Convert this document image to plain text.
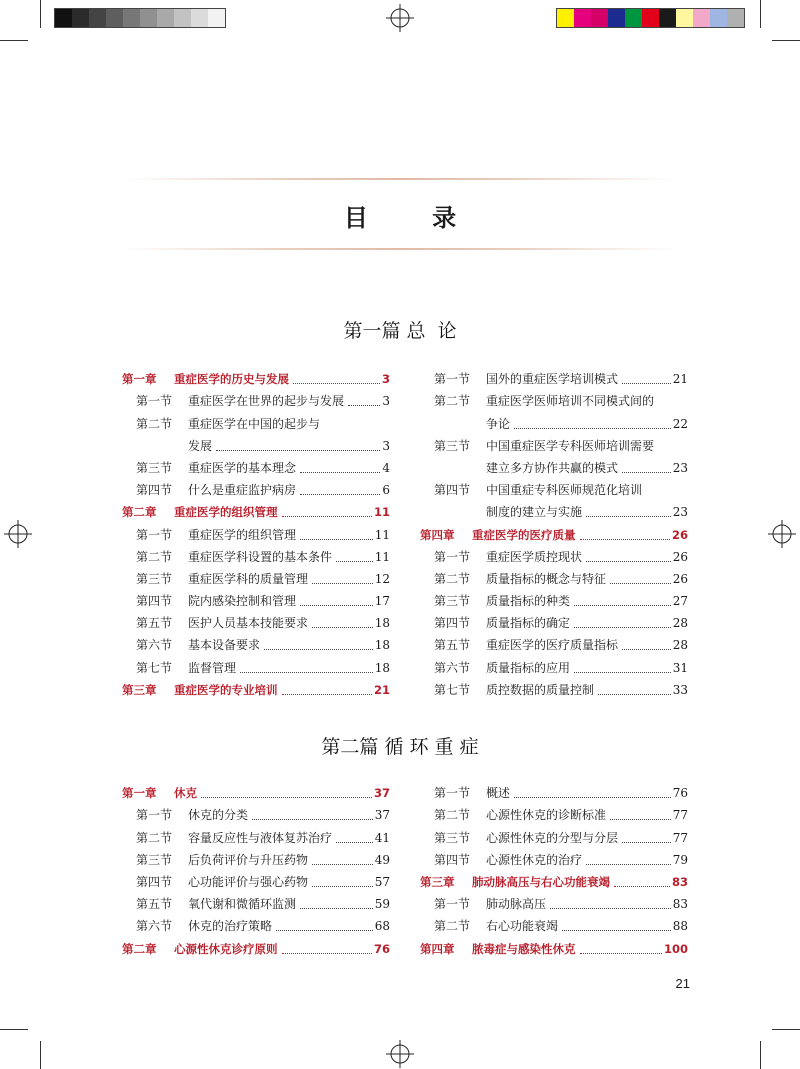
目 录
第一篇 总  论
第一章 重症医学的历史与发展	3
第一节 重症医学在世界的起步与发展	3
第二节 重症医学在中国的起步与
发展	3
第三节 重症医学的基本理念	4
第四节 什么是重症监护病房	6
第二章 重症医学的组织管理	11
第一节 重症医学的组织管理	11
第二节 重症医学科设置的基本条件	11
第三节 重症医学科的质量管理	12
第四节 院内感染控制和管理	17
第五节 医护人员基本技能要求	18
第六节 基本设备要求	18
第七节 监督管理	18
第三章 重症医学的专业培训	21
第一节 国外的重症医学培训模式	21
第二节 重症医学医师培训不同模式间的
争论	22
第三节 中国重症医学专科医师培训需要
建立多方协作共赢的模式	23
第四节 中国重症专科医师规范化培训
制度的建立与实施	23
第四章 重症医学的医疗质量	26
第一节 重症医学质控现状	26
第二节 质量指标的概念与特征	26
第三节 质量指标的种类	27
第四节 质量指标的确定	28
第五节 重症医学的医疗质量指标	28
第六节 质量指标的应用	31
第七节 质控数据的质量控制	33
第二篇 循 环 重 症
第一章 休克	37
第一节 休克的分类	37
第二节 容量反应性与液体复苏治疗	41
第三节 后负荷评价与升压药物	49
第四节 心功能评价与强心药物	57
第五节 氧代谢和微循环监测	59
第六节 休克的治疗策略	68
第二章 心源性休克诊疗原则	76
第一节 概述	76
第二节 心源性休克的诊断标准	77
第三节 心源性休克的分型与分层	77
第四节 心源性休克的治疗	79
第三章 肺动脉高压与右心功能衰竭	83
第一节 肺动脉高压	83
第二节 右心功能衰竭	88
第四章 脓毒症与感染性休克	100
21
